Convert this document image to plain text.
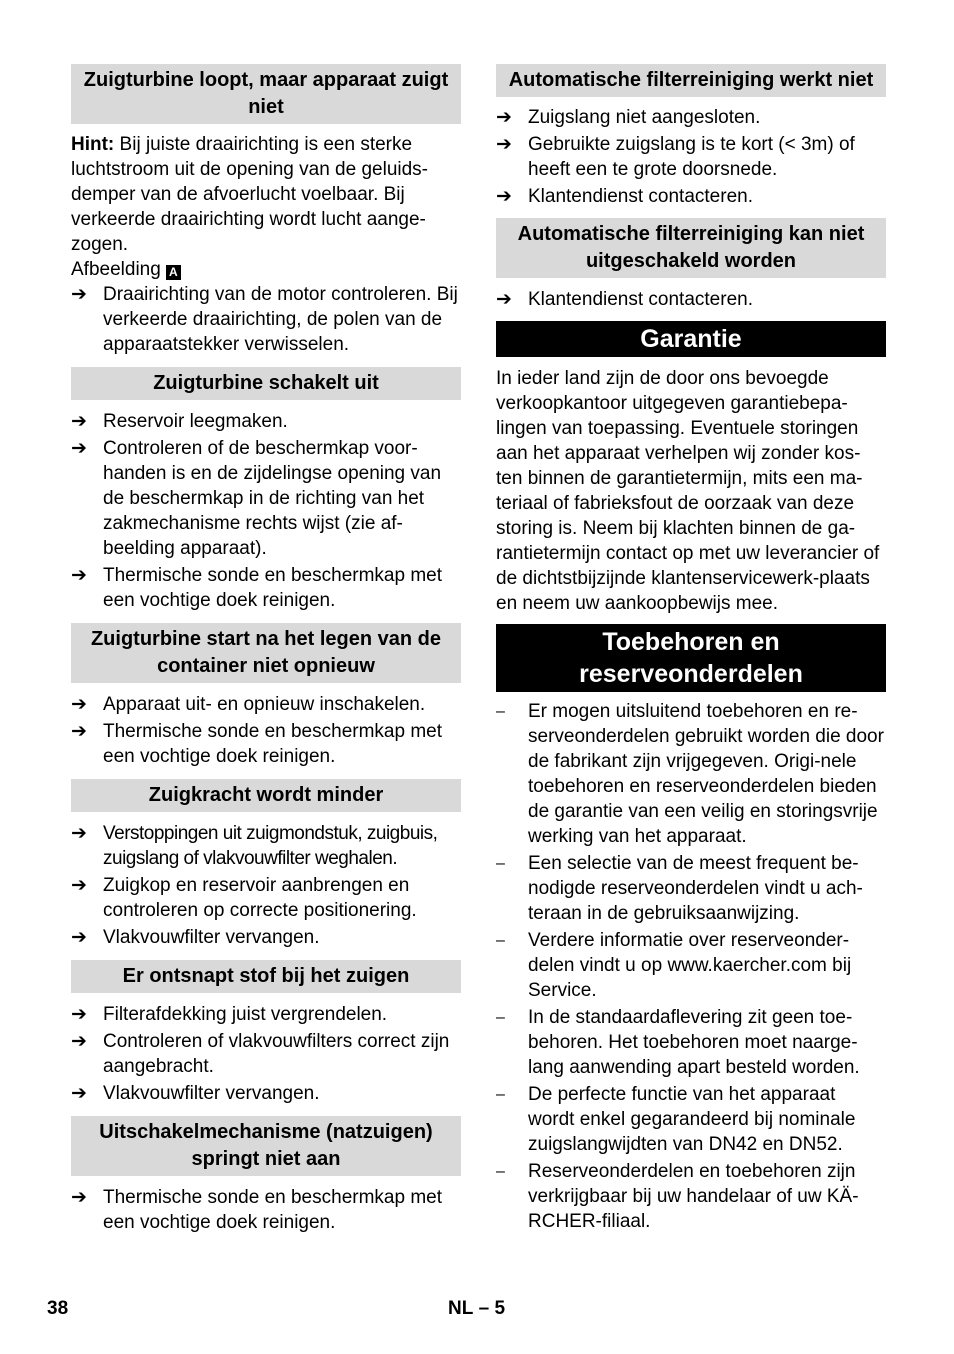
Zuigturbine loopt, maar apparaat zuigt niet
Hint: Bij juiste draairichting is een sterke luchtstroom uit de opening van de geluids-demper van de afvoerlucht voelbaar. Bij verkeerde draairichting wordt lucht aange-zogen.
Afbeelding A
➔ Draairichting van de motor controleren. Bij verkeerde draairichting, de polen van de apparaatstekker verwisselen.
Zuigturbine schakelt uit
➔ Reservoir leegmaken.
➔ Controleren of de beschermkap voor-handen is en de zijdelingse opening van de beschermkap in de richting van het zakmechanisme rechts wijst (zie af-beelding apparaat).
➔ Thermische sonde en beschermkap met een vochtige doek reinigen.
Zuigturbine start na het legen van de container niet opnieuw
➔ Apparaat uit- en opnieuw inschakelen.
➔ Thermische sonde en beschermkap met een vochtige doek reinigen.
Zuigkracht wordt minder
➔ Verstoppingen uit zuigmondstuk, zuigbuis, zuigslang of vlakvouwfilter weghalen.
➔ Zuigkop en reservoir aanbrengen en controleren op correcte positionering.
➔ Vlakvouwfilter vervangen.
Er ontsnapt stof bij het zuigen
➔ Filterafdekking juist vergrendelen.
➔ Controleren of vlakvouwfilters correct zijn aangebracht.
➔ Vlakvouwfilter vervangen.
Uitschakelmechanisme (natzuigen) springt niet aan
➔ Thermische sonde en beschermkap met een vochtige doek reinigen.
Automatische filterreiniging werkt niet
➔ Zuigslang niet aangesloten.
➔ Gebruikte zuigslang is te kort (< 3m) of heeft een te grote doorsnede.
➔ Klantendienst contacteren.
Automatische filterreiniging kan niet uitgeschakeld worden
➔ Klantendienst contacteren.
Garantie
In ieder land zijn de door ons bevoegde verkoopkantoor uitgegeven garantiebepa-lingen van toepassing. Eventuele storingen aan het apparaat verhelpen wij zonder kos-ten binnen de garantietermijn, mits een ma-teriaal of fabrieksfout de oorzaak van deze storing is. Neem bij klachten binnen de ga-rantietermijn contact op met uw leverancier of de dichtstbijzijnde klantenservicewerk-plaats en neem uw aankoopbewijs mee.
Toebehoren en reserveonderdelen
–	Er mogen uitsluitend toebehoren en re-serveonderdelen gebruikt worden die door de fabrikant zijn vrijgegeven. Origi-nele toebehoren en reserveonderdelen bieden de garantie van een veilig en storingsvrije werking van het apparaat.
–	Een selectie van de meest frequent be-nodigde reserveonderdelen vindt u ach-teraan in de gebruiksaanwijzing.
–	Verdere informatie over reserveonder-delen vindt u op www.kaercher.com bij Service.
–	In de standaardaflevering zit geen toe-behoren. Het toebehoren moet naarge-lang aanwending apart besteld worden.
–	De perfecte functie van het apparaat wordt enkel gegarandeerd bij nominale zuigslangwijdten van DN42 en DN52.
–	Reserveonderdelen en toebehoren zijn verkrijgbaar bij uw handelaar of uw KÄ-RCHER-filiaal.
38	NL – 5
